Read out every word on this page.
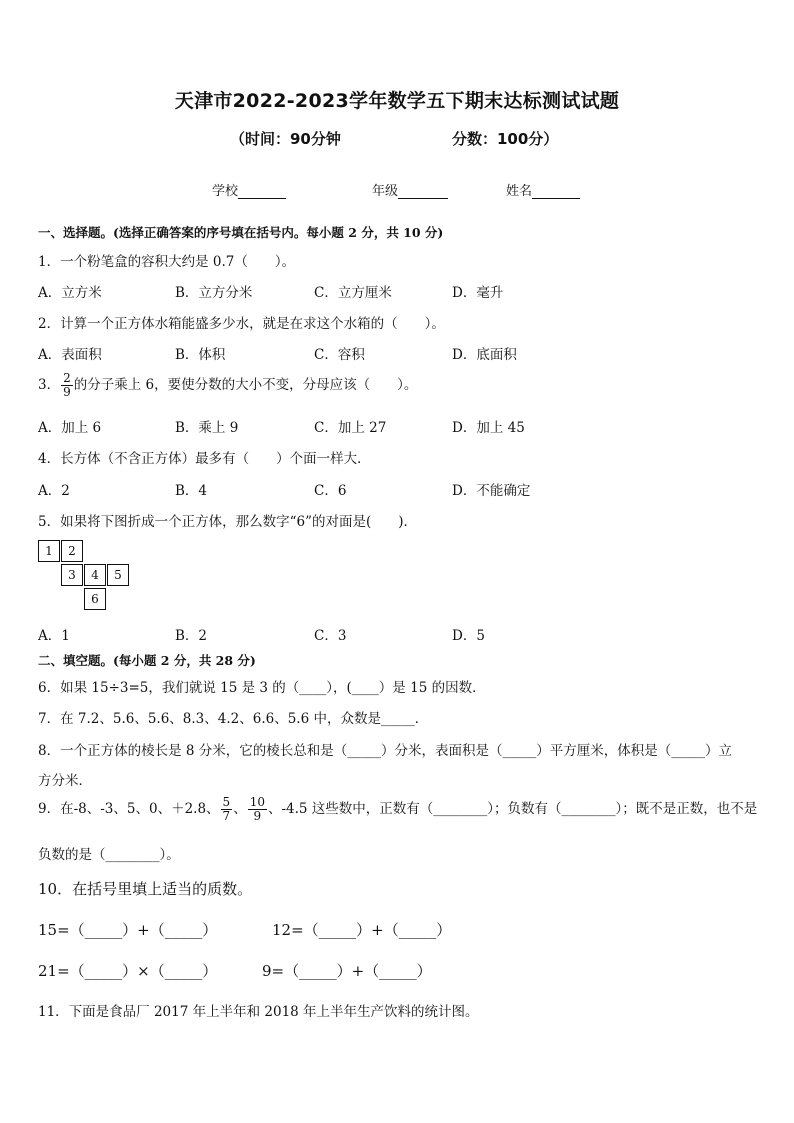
天津市2022-2023学年数学五下期末达标测试试题
（时间：90分钟	分数：100分）
学校	年级	姓名
一、选择题。(选择正确答案的序号填在括号内。每小题 2 分，共 10 分)
1．一个粉笔盒的容积大约是 0.7（　　）。
A．立方米	B．立方分米	C．立方厘米	D．毫升
2．计算一个正方体水箱能盛多少水，就是在求这个水箱的（　　）。
A．表面积	B．体积	C．容积	D．底面积
3． $\frac{2}{9}$ 的分子乘上 6，要使分数的大小不变，分母应该（　　）。
A．加上 6	B．乘上 9	C．加上 27	D．加上 45
4．长方体（不含正方体）最多有（　　）个面一样大．
A．2	B．4	C．6	D．不能确定
5．如果将下图折成一个正方体，那么数字“6”的对面是(　　)．
1	2
3	4	5
6
A．1	B．2	C．3	D．5
二、填空题。(每小题 2 分，共 28 分)
6．如果 15÷3=5，我们就说 15 是 3 的（____），(____）是 15 的因数．
7．在 7.2、5.6、5.6、8.3、4.2、6.6、5.6 中，众数是_____．
8．一个正方体的棱长是 8 分米，它的棱长总和是（_____）分米，表面积是（_____）平方厘米，体积是（_____）立
方分米．
9．在-8、-3、5、0、＋2.8、 $\frac{5}{7}$ 、 $\frac{10}{9}$ 、-4.5 这些数中，正数有（________）；负数有（________）；既不是正数，也不是
负数的是（________）。
10．在括号里填上适当的质数。
15=（_____）+（_____）	12=（_____）+（_____）
21=（_____）×（_____）	9=（_____）+（_____）
11．下面是食品厂 2017 年上半年和 2018 年上半年生产饮料的统计图。
